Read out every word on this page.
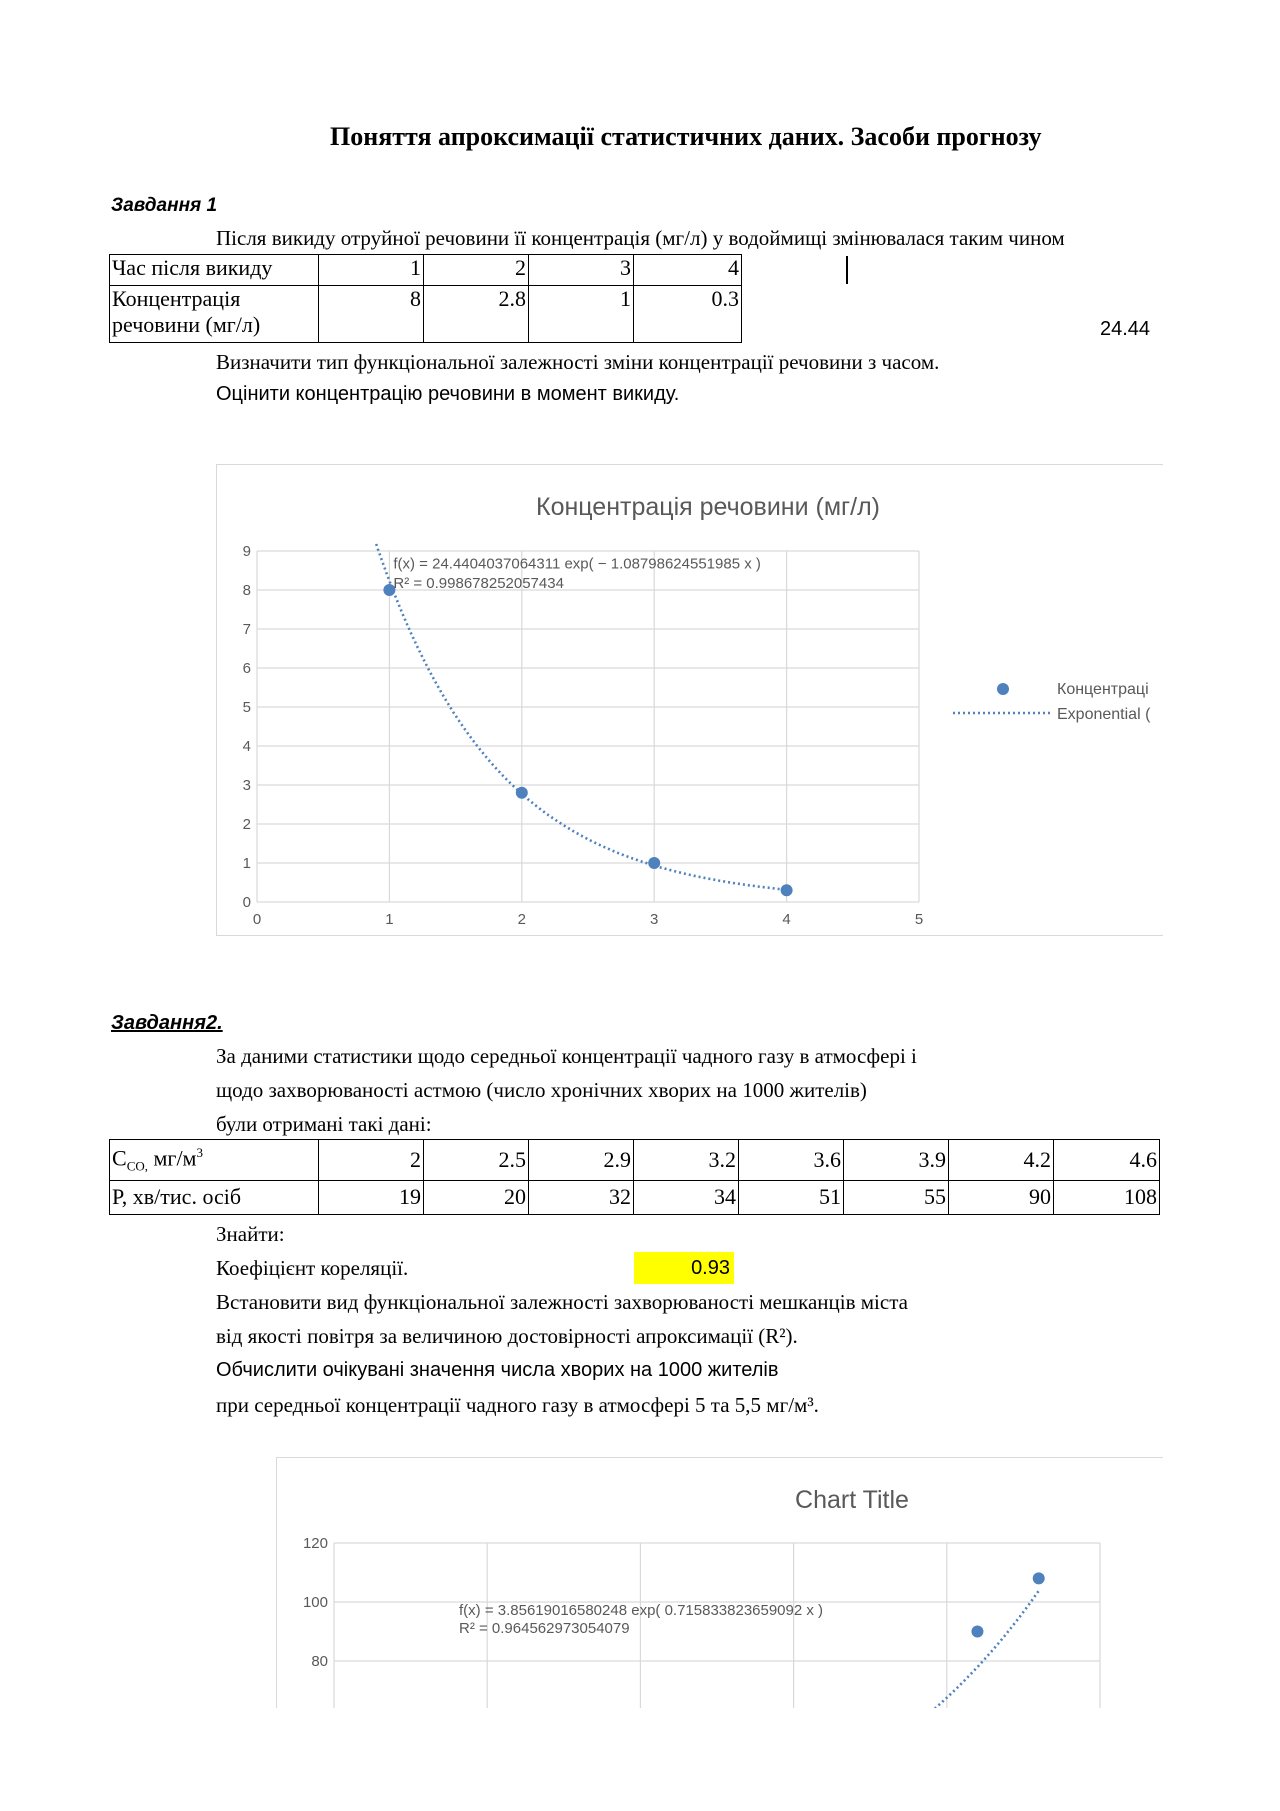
Поняття апроксимації статистичних даних. Засоби прогнозу
Завдання 1
Після викиду отруйної речовини її концентрація (мг/л) у водоймищі змінювалася таким чином
Час після викиду	1	2	3	4
Концентрація
речовини (мг/л)	8	2.8	1	0.3
24.44
Визначити тип функціональної залежності зміни концентрації речовини з часом.
Оцінити концентрацію речовини в момент викиду.
Концентрація речовини (мг/л)
0
1
2
3
4
5
6
7
8
9
0	1	2	3	4	5
f(x) = 24.4404037064311 exp( − 1.08798624551985 x )
R² = 0.998678252057434
Концентраці
Exponential (
Завдання2.
За даними статистики щодо середньої концентрації чадного газу в атмосфері і
щодо захворюваності астмою (число хронічних хворих на 1000 жителів)
були отримані такі дані:
$C_{CO,}$ $мг/м^3$	2	2.5	2.9	3.2	3.6	3.9	4.2	4.6
P, хв/тис. осіб	19	20	32	34	51	55	90	108
Знайти:
Коефіцієнт кореляції.	0.93
Встановити вид функціональної залежності захворюваності мешканців міста
від якості повітря за величиною достовірності апроксимації (R²).
Обчислити очікувані значення числа хворих на 1000 жителів
при середньої концентрації чадного газу в атмосфері 5 та 5,5 мг/м³.
Chart Title
120
100
80
f(x) = 3.85619016580248 exp( 0.715833823659092 x )
R² = 0.964562973054079
